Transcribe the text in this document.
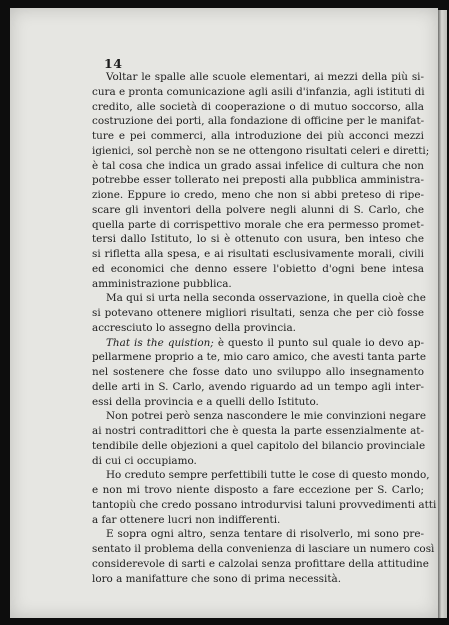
14
Voltar le spalle alle scuole elementari, ai mezzi della più si-
cura e pronta comunicazione agli asili d'infanzia, agli istituti di
credito, alle società di cooperazione o di mutuo soccorso, alla
costruzione dei porti, alla fondazione di officine per le manifat-
ture e pei commerci, alla introduzione dei più acconci mezzi
igienici, sol perchè non se ne ottengono risultati celeri e diretti;
è tal cosa che indica un grado assai infelice di cultura che non
potrebbe esser tollerato nei preposti alla pubblica amministra-
zione. Eppure io credo, meno che non si abbi preteso di ripe-
scare gli inventori della polvere negli alunni di S. Carlo, che
quella parte di corrispettivo morale che era permesso promet-
tersi dallo Istituto, lo si è ottenuto con usura, ben inteso che
si rifletta alla spesa, e ai risultati esclusivamente morali, civili
ed economici che denno essere l'obietto d'ogni bene intesa
amministrazione pubblica.
Ma qui si urta nella seconda osservazione, in quella cioè che
si potevano ottenere migliori risultati, senza che per ciò fosse
accresciuto lo assegno della provincia.
That is the quistion; è questo il punto sul quale io devo ap-
pellarmene proprio a te, mio caro amico, che avesti tanta parte
nel sostenere che fosse dato uno sviluppo allo insegnamento
delle arti in S. Carlo, avendo riguardo ad un tempo agli inter-
essi della provincia e a quelli dello Istituto.
Non potrei però senza nascondere le mie convinzioni negare
ai nostri contradittori che è questa la parte essenzialmente at-
tendibile delle objezioni a quel capitolo del bilancio provinciale
di cui ci occupiamo.
Ho creduto sempre perfettibili tutte le cose di questo mondo,
e non mi trovo niente disposto a fare eccezione per S. Carlo;
tantopiù che credo possano introdurvisi taluni provvedimenti atti
a far ottenere lucri non indifferenti.
E sopra ogni altro, senza tentare di risolverlo, mi sono pre-
sentato il problema della convenienza di lasciare un numero così
considerevole di sarti e calzolai senza profittare della attitudine
loro a manifatture che sono di prima necessità.
